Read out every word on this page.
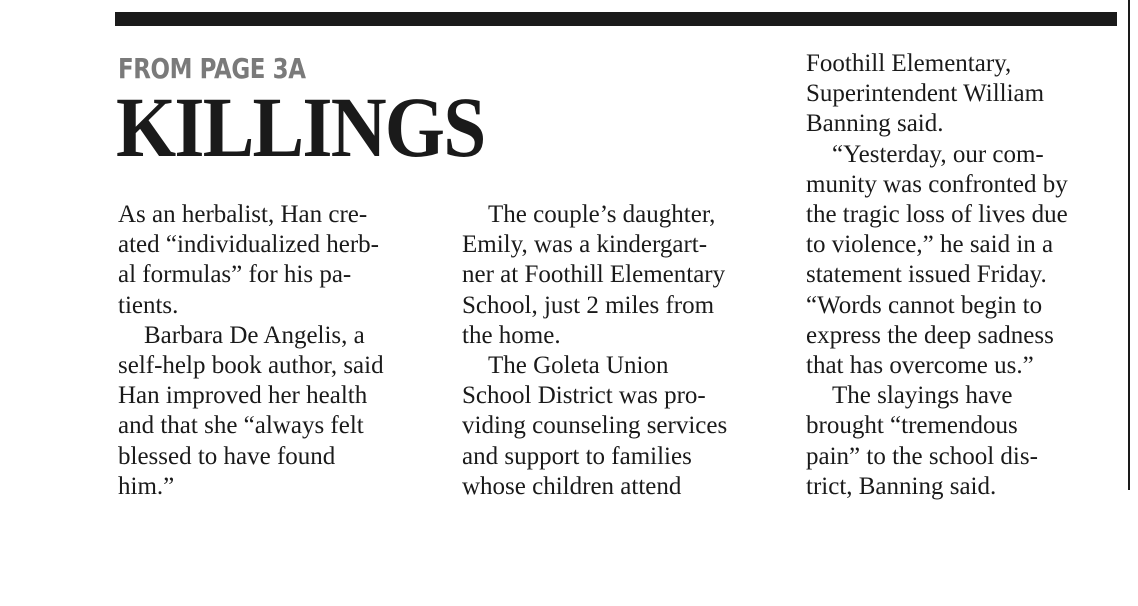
FROM PAGE 3A
KILLINGS
As an herbalist, Han cre-
ated “individualized herb-
al formulas” for his pa-
tients.
Barbara De Angelis, a
self-help book author, said
Han improved her health
and that she “always felt
blessed to have found
him.”
The couple’s daughter,
Emily, was a kindergart-
ner at Foothill Elementary
School, just 2 miles from
the home.
The Goleta Union
School District was pro-
viding counseling services
and support to families
whose children attend
Foothill Elementary,
Superintendent William
Banning said.
“Yesterday, our com-
munity was confronted by
the tragic loss of lives due
to violence,” he said in a
statement issued Friday.
“Words cannot begin to
express the deep sadness
that has overcome us.”
The slayings have
brought “tremendous
pain” to the school dis-
trict, Banning said.
